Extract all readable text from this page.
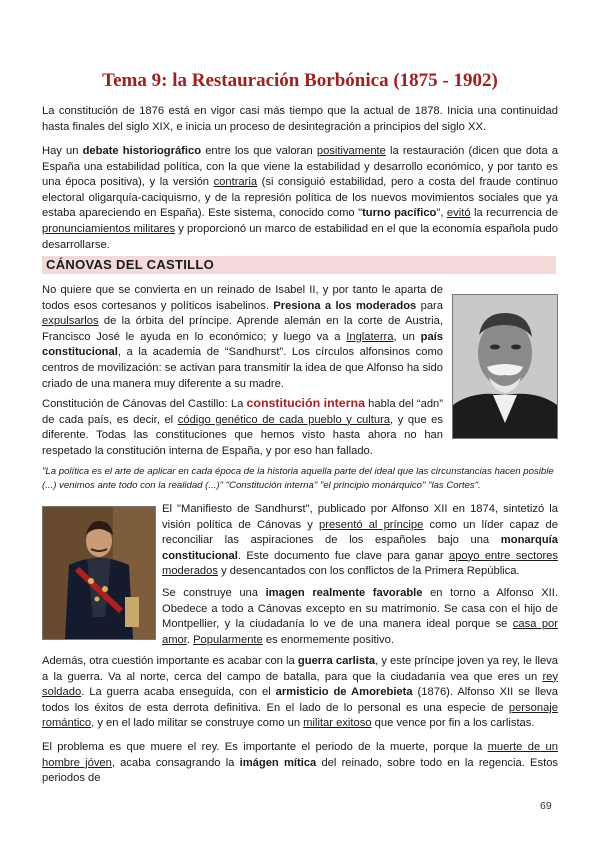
Tema 9: la Restauración Borbónica (1875 - 1902)

La constitución de 1876 está en vigor casi más tiempo que la actual de 1878. Inicia una continuidad hasta finales del siglo XIX, e inicia un proceso de desintegración a principios del siglo XX.

Hay un debate historiográfico entre los que valoran positivamente la restauración (dicen que dota a España una estabilidad política, con la que viene la estabilidad y desarrollo económico, y por tanto es una época positiva), y la versión contraria (si consiguió estabilidad, pero a costa del fraude continuo electoral oligarquía-caciquismo, y de la represión política de los nuevos movimientos sociales que ya estaba apareciendo en España). Este sistema, conocido como "turno pacífico", evitó la recurrencia de pronunciamientos militares y proporcionó un marco de estabilidad en el que la economía española pudo desarrollarse.

CÁNOVAS DEL CASTILLO

No quiere que se convierta en un reinado de Isabel II, y por tanto le aparta de todos esos cortesanos y políticos isabelinos. Presiona a los moderados para expulsarlos de la órbita del príncipe. Aprende alemán en la corte de Austria, Francisco José le ayuda en lo económico; y luego va a Inglaterra, un país constitucional, a la academia de “Sandhurst”. Los círculos alfonsinos como centros de movilización: se activan para transmitir la idea de que Alfonso ha sido criado de una manera muy diferente a su madre.

Constitución de Cánovas del Castillo: La constitución interna habla del “adn” de cada país, es decir, el código genético de cada pueblo y cultura, y que es diferente. Todas las constituciones que hemos visto hasta ahora no han respetado la constitución interna de España, y por eso han fallado.

"La política es el arte de aplicar en cada época de la historia aquella parte del ideal que las circunstancias hacen posible (...) venimos ante todo con la realidad (...)" "Constitución interna" "el principio monárquico" "las Cortes".

El "Manifiesto de Sandhurst", publicado por Alfonso XII en 1874, sintetizó la visión política de Cánovas y presentó al príncipe como un líder capaz de reconciliar las aspiraciones de los españoles bajo una monarquía constitucional. Este documento fue clave para ganar apoyo entre sectores moderados y desencantados con los conflictos de la Primera República.

Se construye una imagen realmente favorable en torno a Alfonso XII. Obedece a todo a Cánovas excepto en su matrimonio. Se casa con el hijo de Montpellier, y la ciudadanía lo ve de una manera ideal porque se casa por amor. Popularmente es enormemente positivo.

Además, otra cuestión importante es acabar con la guerra carlista, y este príncipe joven ya rey, le lleva a la guerra. Va al norte, cerca del campo de batalla, para que la ciudadanía vea que eres un rey soldado. La guerra acaba enseguida, con el armisticio de Amorebieta (1876). Alfonso XII se lleva todos los éxitos de esta derrota definitiva. En el lado de lo personal es una especie de personaje romántico, y en el lado militar se construye como un militar exitoso que vence por fin a los carlistas.

El problema es que muere el rey. Es importante el periodo de la muerte, porque la muerte de un hombre jóven, acaba consagrando la imágen mítica del reinado, sobre todo en la regencia. Estos periodos de

69
